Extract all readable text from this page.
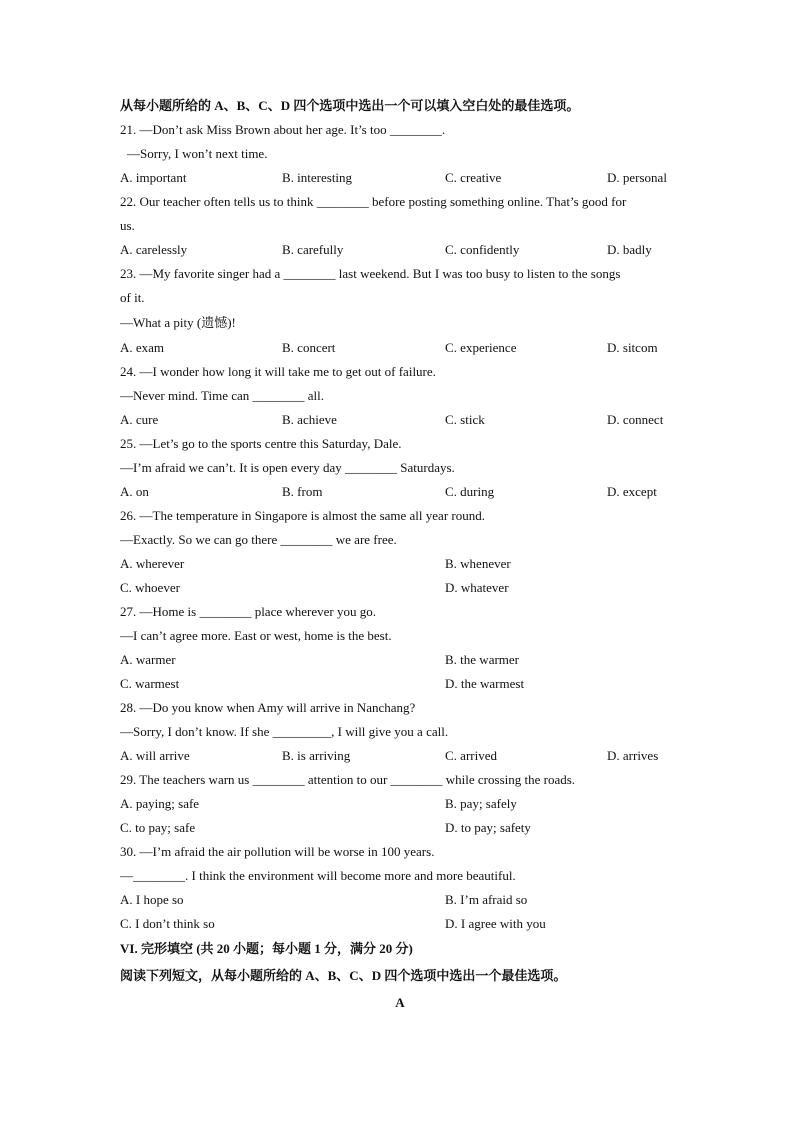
从每小题所给的 A、B、C、D 四个选项中选出一个可以填入空白处的最佳选项。
21. —Don’t ask Miss Brown about her age. It’s too ________.
—Sorry, I won’t next time.
A. important	B. interesting	C. creative	D. personal
22. Our teacher often tells us to think ________ before posting something online. That’s good for
us.
A. carelessly	B. carefully	C. confidently	D. badly
23. —My favorite singer had a ________ last weekend. But I was too busy to listen to the songs
of it.
—What a pity (遗憾)!
A. exam	B. concert	C. experience	D. sitcom
24. —I wonder how long it will take me to get out of failure.
—Never mind. Time can ________ all.
A. cure	B. achieve	C. stick	D. connect
25. —Let’s go to the sports centre this Saturday, Dale.
—I’m afraid we can’t. It is open every day ________ Saturdays.
A. on	B. from	C. during	D. except
26. —The temperature in Singapore is almost the same all year round.
—Exactly. So we can go there ________ we are free.
A. wherever	B. whenever
C. whoever	D. whatever
27. —Home is ________ place wherever you go.
—I can’t agree more. East or west, home is the best.
A. warmer	B. the warmer
C. warmest	D. the warmest
28. —Do you know when Amy will arrive in Nanchang?
—Sorry, I don’t know. If she _________, I will give you a call.
A. will arrive	B. is arriving	C. arrived	D. arrives
29. The teachers warn us ________ attention to our ________ while crossing the roads.
A. paying; safe	B. pay; safely
C. to pay; safe	D. to pay; safety
30. —I’m afraid the air pollution will be worse in 100 years.
—________. I think the environment will become more and more beautiful.
A. I hope so	B. I’m afraid so
C. I don’t think so	D. I agree with you
VI. 完形填空 (共 20 小题；每小题 1 分，满分 20 分)
阅读下列短文，从每小题所给的 A、B、C、D 四个选项中选出一个最佳选项。
A
